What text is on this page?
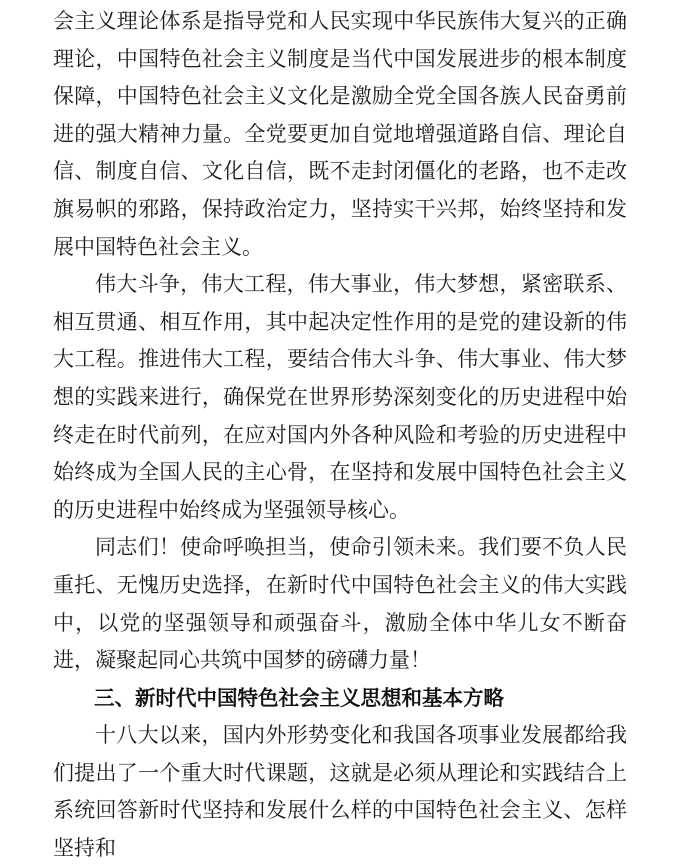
会主义理论体系是指导党和人民实现中华民族伟大复兴的正确理论，中国特色社会主义制度是当代中国发展进步的根本制度保障，中国特色社会主义文化是激励全党全国各族人民奋勇前进的强大精神力量。全党要更加自觉地增强道路自信、理论自信、制度自信、文化自信，既不走封闭僵化的老路，也不走改旗易帜的邪路，保持政治定力，坚持实干兴邦，始终坚持和发展中国特色社会主义。

伟大斗争，伟大工程，伟大事业，伟大梦想，紧密联系、相互贯通、相互作用，其中起决定性作用的是党的建设新的伟大工程。推进伟大工程，要结合伟大斗争、伟大事业、伟大梦想的实践来进行，确保党在世界形势深刻变化的历史进程中始终走在时代前列，在应对国内外各种风险和考验的历史进程中始终成为全国人民的主心骨，在坚持和发展中国特色社会主义的历史进程中始终成为坚强领导核心。

同志们！使命呼唤担当，使命引领未来。我们要不负人民重托、无愧历史选择，在新时代中国特色社会主义的伟大实践中，以党的坚强领导和顽强奋斗，激励全体中华儿女不断奋进，凝聚起同心共筑中国梦的磅礴力量！

三、新时代中国特色社会主义思想和基本方略

十八大以来，国内外形势变化和我国各项事业发展都给我们提出了一个重大时代课题，这就是必须从理论和实践结合上系统回答新时代坚持和发展什么样的中国特色社会主义、怎样坚持和
